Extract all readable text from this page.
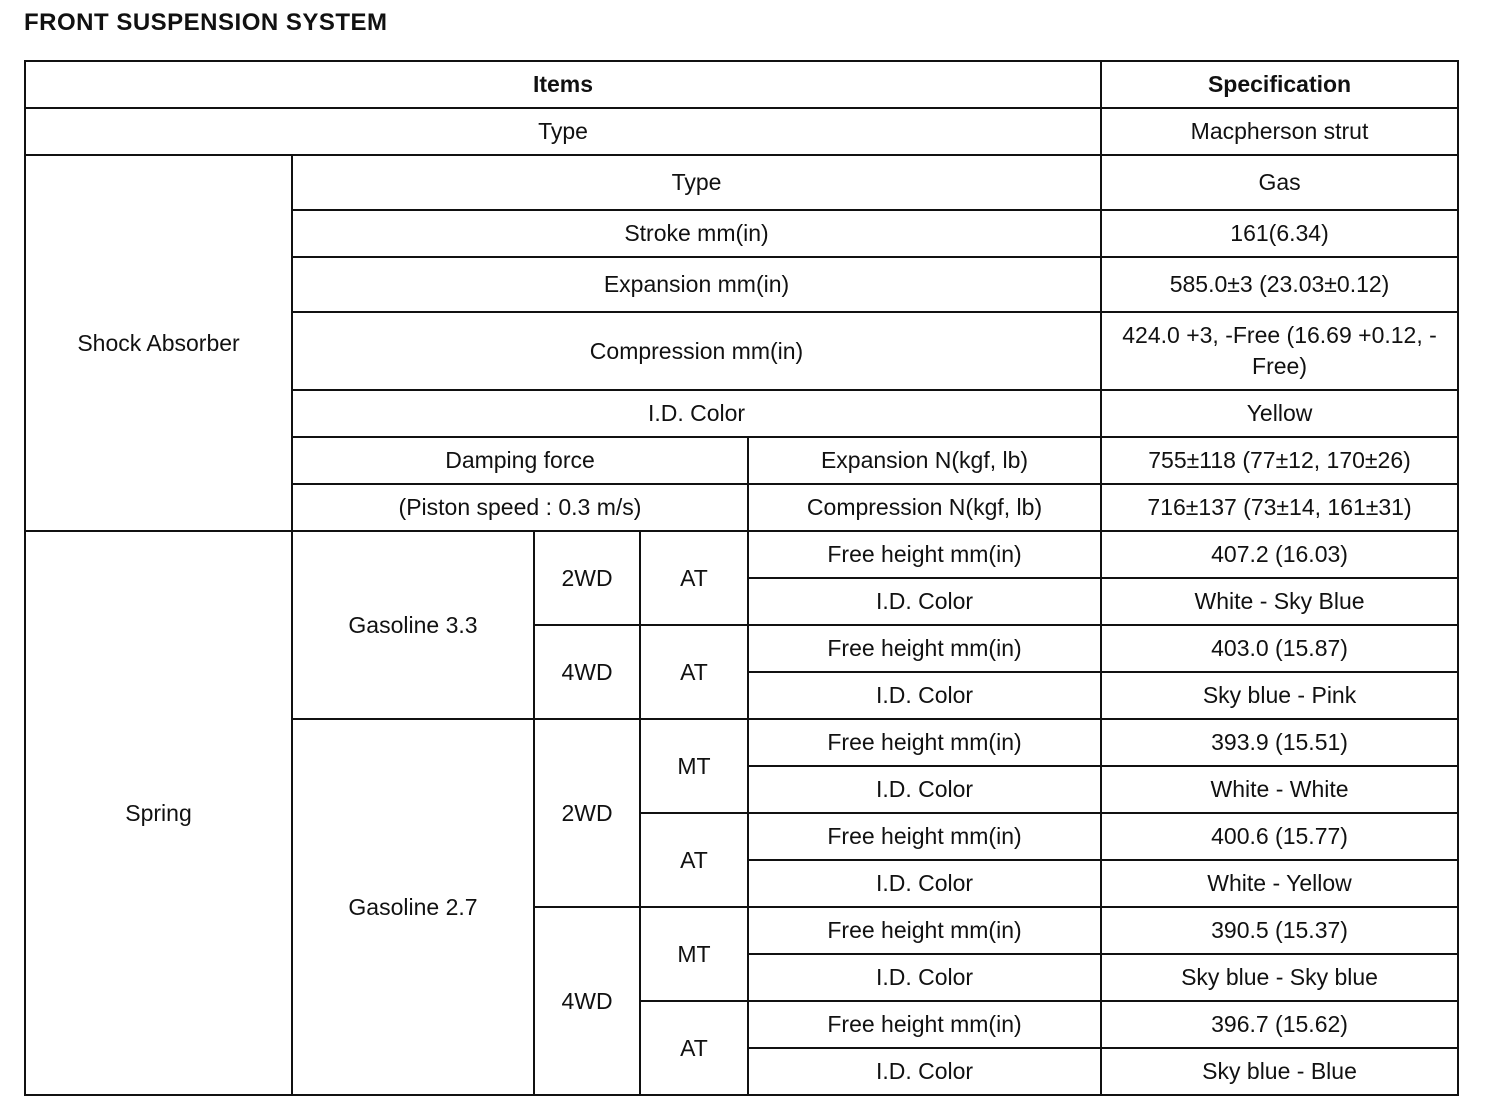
FRONT SUSPENSION SYSTEM
Items					Specification
Type					Macpherson strut
Shock Absorber	Type				Gas
	Stroke mm(in)				161(6.34)
	Expansion mm(in)				585.0±3 (23.03±0.12)
	Compression mm(in)				424.0 +3, -Free (16.69 +0.12, -Free)
	I.D. Color				Yellow
	Damping force			Expansion N(kgf, lb)	755±118 (77±12, 170±26)
	(Piston speed : 0.3 m/s)			Compression N(kgf, lb)	716±137 (73±14, 161±31)
Spring	Gasoline 3.3	2WD	AT	Free height mm(in)	407.2 (16.03)
				I.D. Color	White - Sky Blue
		4WD	AT	Free height mm(in)	403.0 (15.87)
				I.D. Color	Sky blue - Pink
	Gasoline 2.7	2WD	MT	Free height mm(in)	393.9 (15.51)
				I.D. Color	White - White
			AT	Free height mm(in)	400.6 (15.77)
				I.D. Color	White - Yellow
		4WD	MT	Free height mm(in)	390.5 (15.37)
				I.D. Color	Sky blue - Sky blue
			AT	Free height mm(in)	396.7 (15.62)
				I.D. Color	Sky blue - Blue
